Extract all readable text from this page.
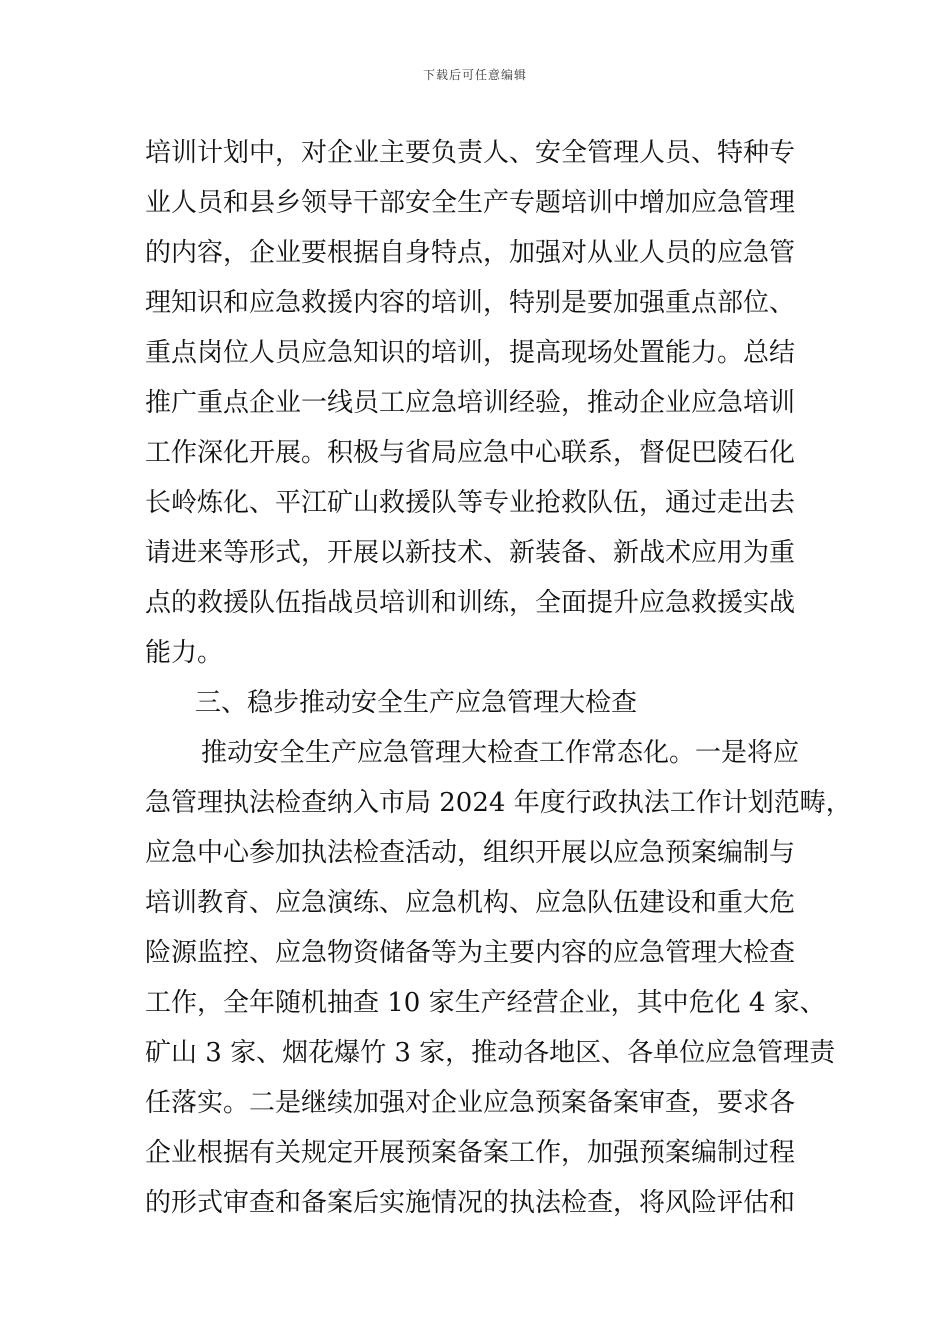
下载后可任意编辑
培训计划中，对企业主要负责人、安全管理人员、特种专
业人员和县乡领导干部安全生产专题培训中增加应急管理
的内容，企业要根据自身特点，加强对从业人员的应急管
理知识和应急救援内容的培训，特别是要加强重点部位、
重点岗位人员应急知识的培训，提高现场处置能力。总结
推广重点企业一线员工应急培训经验，推动企业应急培训
工作深化开展。积极与省局应急中心联系，督促巴陵石化
长岭炼化、平江矿山救援队等专业抢救队伍，通过走出去
请进来等形式，开展以新技术、新装备、新战术应用为重
点的救援队伍指战员培训和训练，全面提升应急救援实战
能力。
三、稳步推动安全生产应急管理大检查
推动安全生产应急管理大检查工作常态化。一是将应
急管理执法检查纳入市局 2024 年度行政执法工作计划范畴，
应急中心参加执法检查活动，组织开展以应急预案编制与
培训教育、应急演练、应急机构、应急队伍建设和重大危
险源监控、应急物资储备等为主要内容的应急管理大检查
工作，全年随机抽查 10 家生产经营企业，其中危化 4 家、
矿山 3 家、烟花爆竹 3 家，推动各地区、各单位应急管理责
任落实。二是继续加强对企业应急预案备案审查，要求各
企业根据有关规定开展预案备案工作，加强预案编制过程
的形式审查和备案后实施情况的执法检查，将风险评估和
